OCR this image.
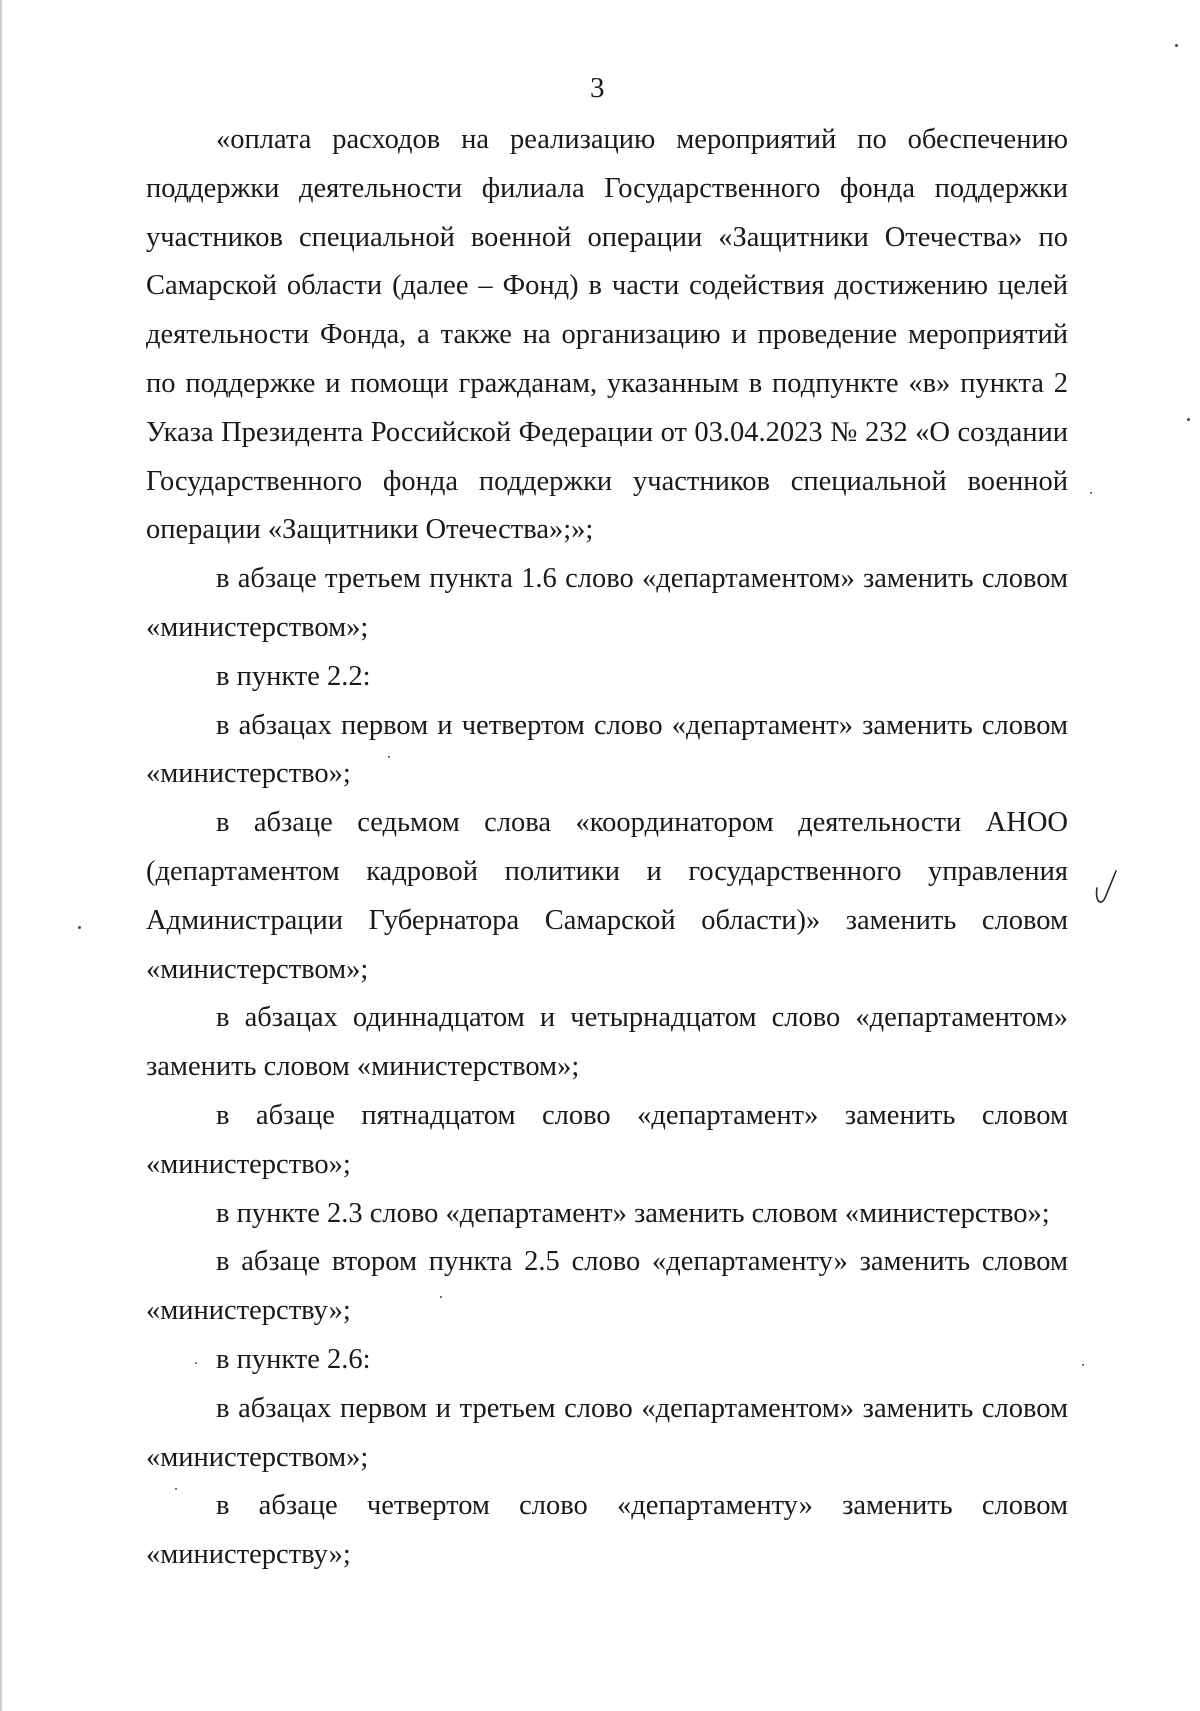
3

«оплата расходов на реализацию мероприятий по обеспечению поддержки деятельности филиала Государственного фонда поддержки участников специальной военной операции «Защитники Отечества» по Самарской области (далее – Фонд) в части содействия достижению целей деятельности Фонда, а также на организацию и проведение мероприятий по поддержке и помощи гражданам, указанным в подпункте «в» пункта 2 Указа Президента Российской Федерации от 03.04.2023 № 232 «О создании Государственного фонда поддержки участников специальной военной операции «Защитники Отечества»;»;

в абзаце третьем пункта 1.6 слово «департаментом» заменить словом «министерством»;

в пункте 2.2:

в абзацах первом и четвертом слово «департамент» заменить словом «министерство»;

в абзаце седьмом слова «координатором деятельности АНОО (департаментом кадровой политики и государственного управления Администрации Губернатора Самарской области)» заменить словом «министерством»;

в абзацах одиннадцатом и четырнадцатом слово «департаментом» заменить словом «министерством»;

в абзаце пятнадцатом слово «департамент» заменить словом «министерство»;

в пункте 2.3 слово «департамент» заменить словом «министерство»;

в абзаце втором пункта 2.5 слово «департаменту» заменить словом «министерству»;

в пункте 2.6:

в абзацах первом и третьем слово «департаментом» заменить словом «министерством»;

в абзаце четвертом слово «департаменту» заменить словом «министерству»;
